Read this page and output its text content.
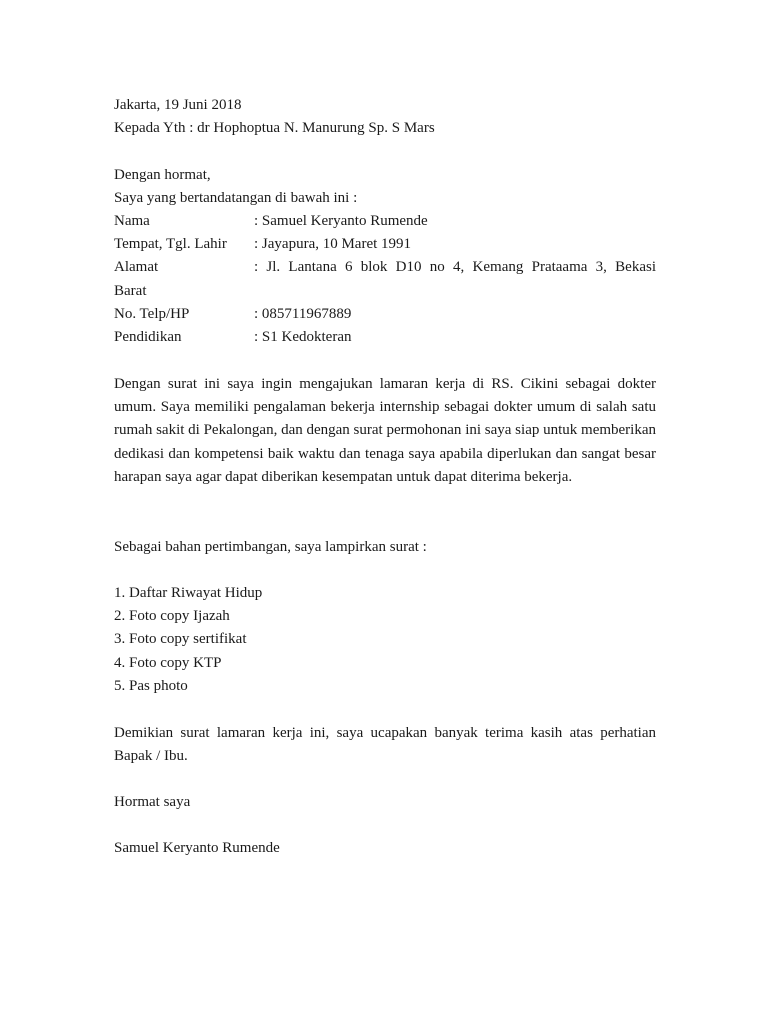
Jakarta, 19 Juni 2018
Kepada Yth : dr Hophoptua N. Manurung Sp. S Mars
Dengan hormat,
Saya yang bertandatangan di bawah ini :
Nama	: Samuel Keryanto Rumende
Tempat, Tgl. Lahir : Jayapura, 10 Maret 1991
Alamat	: Jl. Lantana 6 blok D10 no 4, Kemang Prataama 3, Bekasi
Barat
No. Telp/HP	: 085711967889
Pendidikan	: S1 Kedokteran
Dengan surat ini saya ingin mengajukan lamaran kerja di RS. Cikini sebagai dokter umum. Saya memiliki pengalaman bekerja internship sebagai dokter umum di salah satu rumah sakit di Pekalongan, dan dengan surat permohonan ini saya siap untuk memberikan dedikasi dan kompetensi baik waktu dan tenaga saya apabila diperlukan dan sangat besar harapan saya agar dapat diberikan kesempatan untuk dapat diterima bekerja.
Sebagai bahan pertimbangan, saya lampirkan surat :
1. Daftar Riwayat Hidup
2. Foto copy Ijazah
3. Foto copy sertifikat
4. Foto copy KTP
5. Pas photo
Demikian surat lamaran kerja ini, saya ucapakan banyak terima kasih atas perhatian Bapak / Ibu.
Hormat saya
Samuel Keryanto Rumende
